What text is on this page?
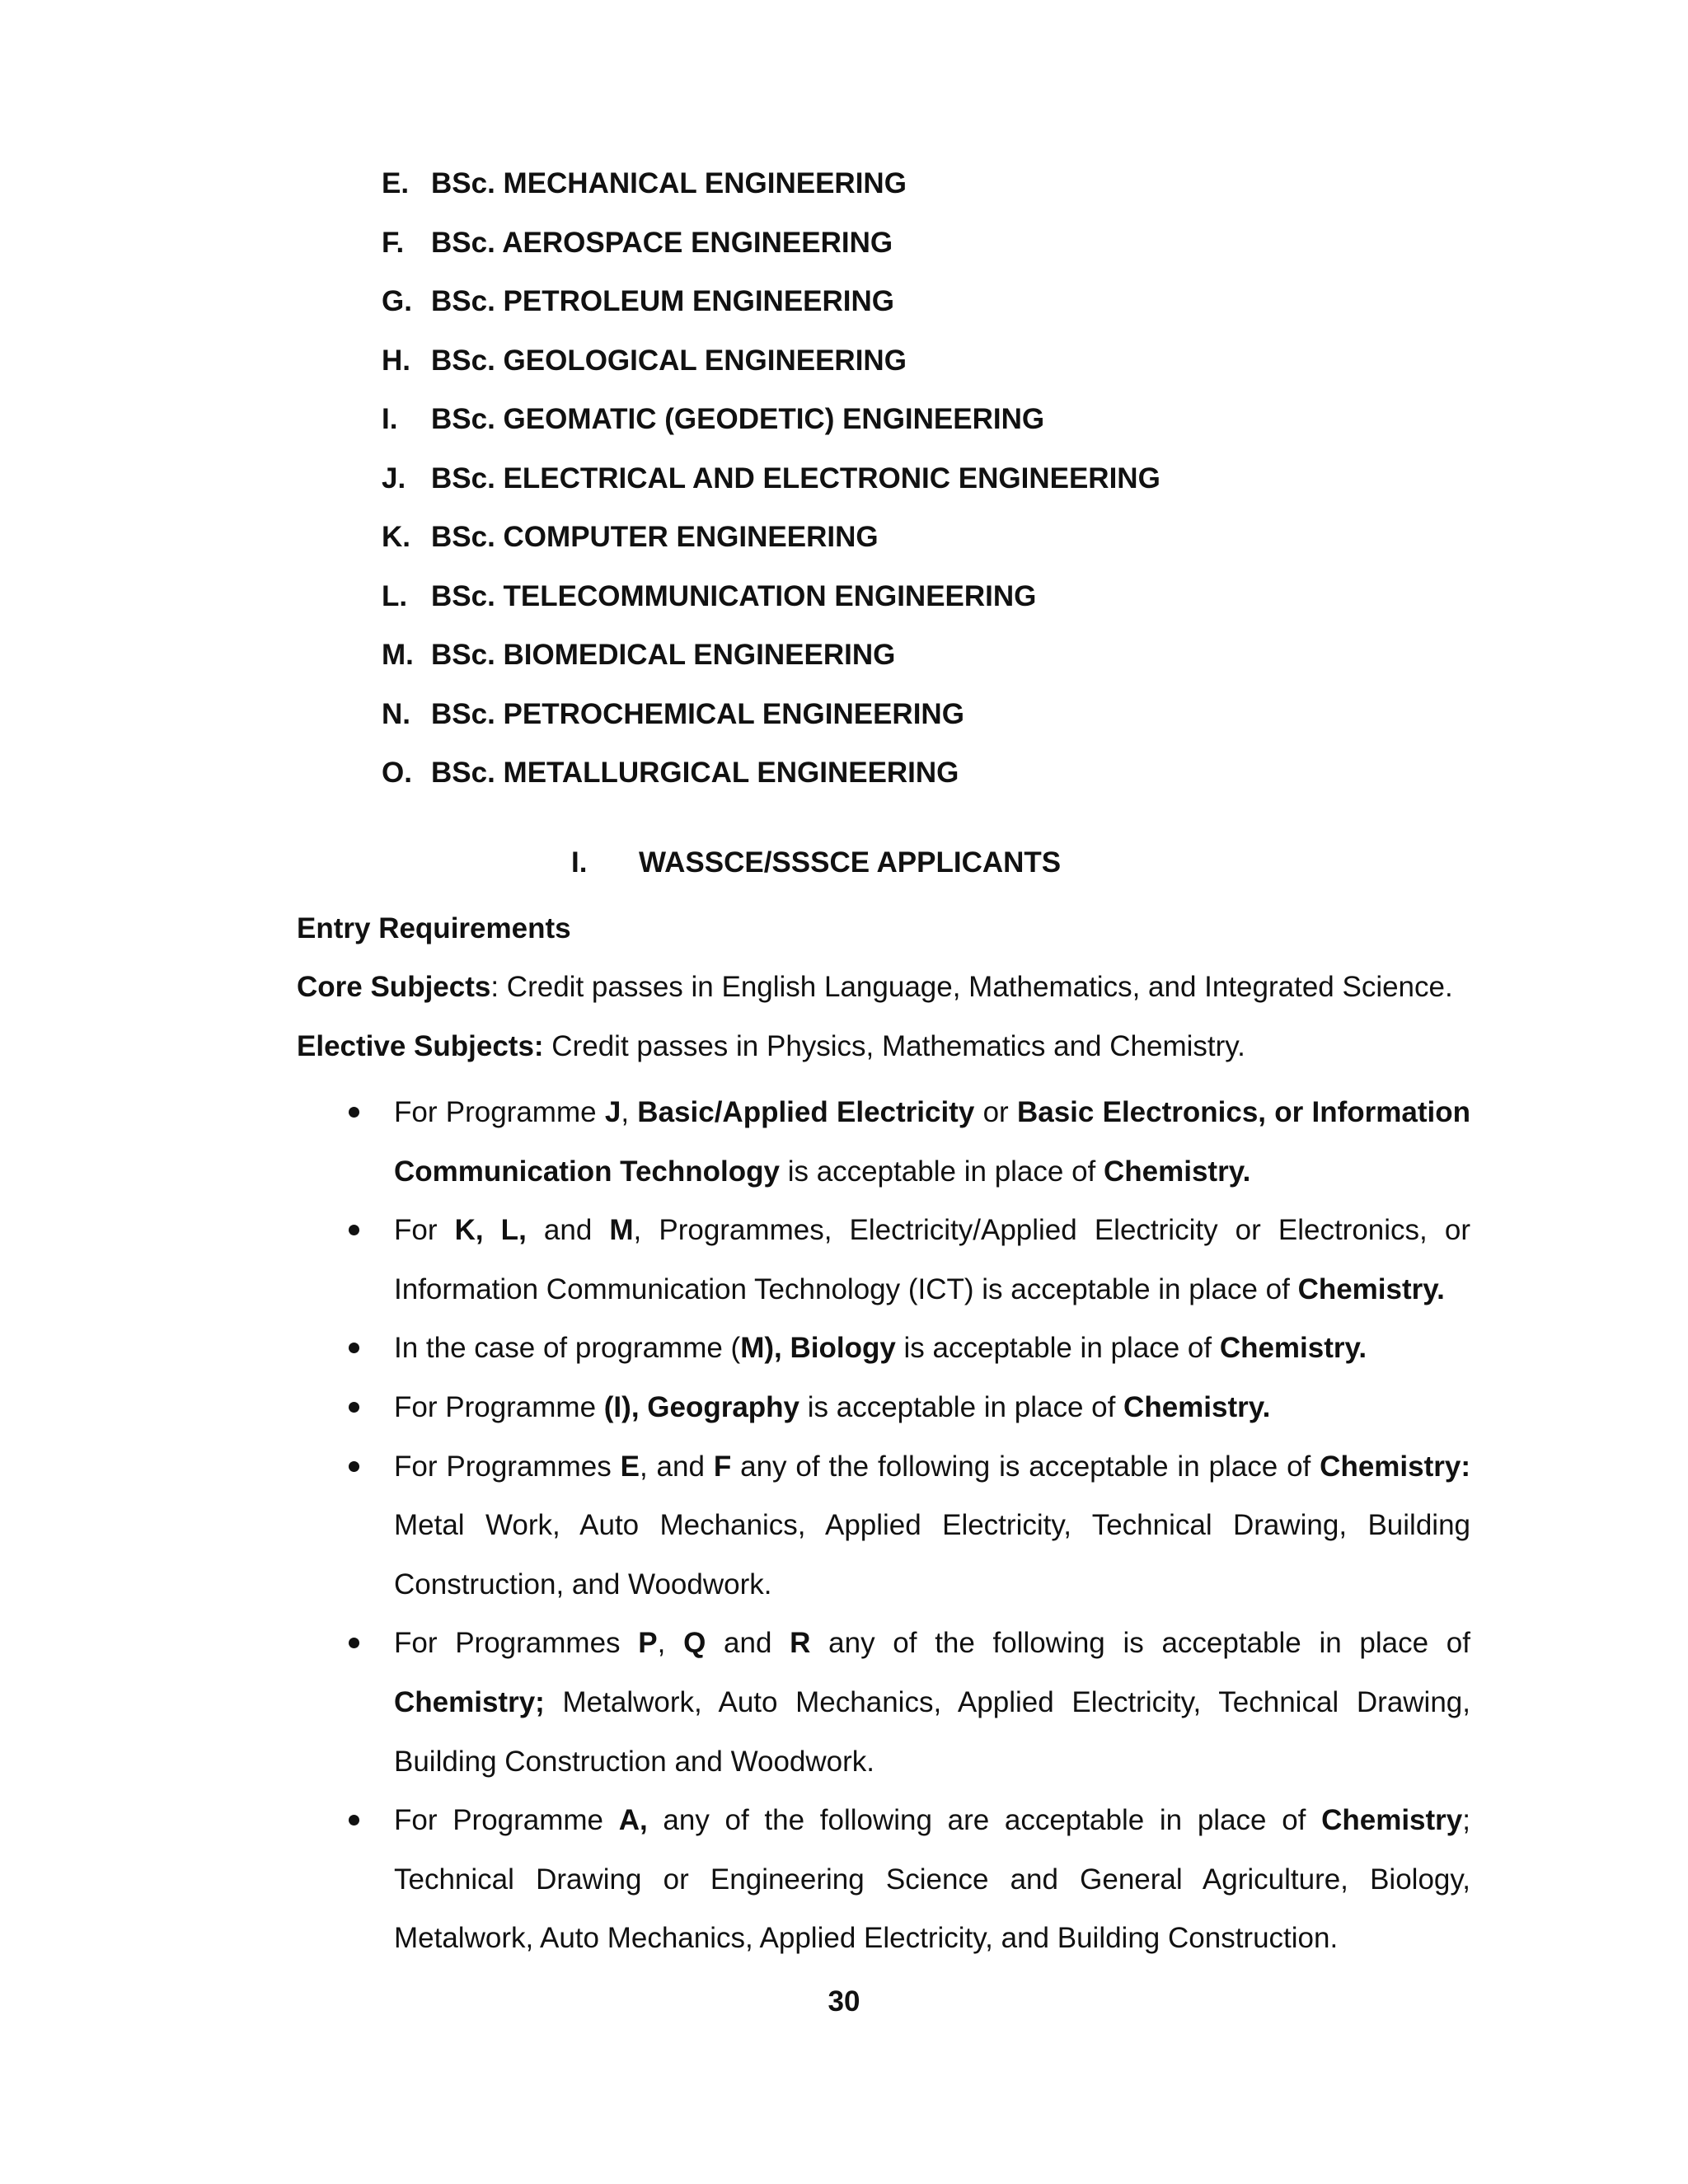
E. BSc. MECHANICAL ENGINEERING
F. BSc. AEROSPACE ENGINEERING
G. BSc. PETROLEUM ENGINEERING
H. BSc. GEOLOGICAL ENGINEERING
I. BSc. GEOMATIC (GEODETIC) ENGINEERING
J. BSc. ELECTRICAL AND ELECTRONIC ENGINEERING
K. BSc. COMPUTER ENGINEERING
L. BSc. TELECOMMUNICATION ENGINEERING
M. BSc. BIOMEDICAL ENGINEERING
N. BSc. PETROCHEMICAL ENGINEERING
O. BSc. METALLURGICAL ENGINEERING
I. WASSCE/SSSCE APPLICANTS
Entry Requirements
Core Subjects: Credit passes in English Language, Mathematics, and Integrated Science.
Elective Subjects: Credit passes in Physics, Mathematics and Chemistry.
For Programme J, Basic/Applied Electricity or Basic Electronics, or Information Communication Technology is acceptable in place of Chemistry.
For K, L, and M, Programmes, Electricity/Applied Electricity or Electronics, or Information Communication Technology (ICT) is acceptable in place of Chemistry.
In the case of programme (M), Biology is acceptable in place of Chemistry.
For Programme (I), Geography is acceptable in place of Chemistry.
For Programmes E, and F any of the following is acceptable in place of Chemistry: Metal Work, Auto Mechanics, Applied Electricity, Technical Drawing, Building Construction, and Woodwork.
For Programmes P, Q and R any of the following is acceptable in place of Chemistry; Metalwork, Auto Mechanics, Applied Electricity, Technical Drawing, Building Construction and Woodwork.
For Programme A, any of the following are acceptable in place of Chemistry; Technical Drawing or Engineering Science and General Agriculture, Biology, Metalwork, Auto Mechanics, Applied Electricity, and Building Construction.
30
